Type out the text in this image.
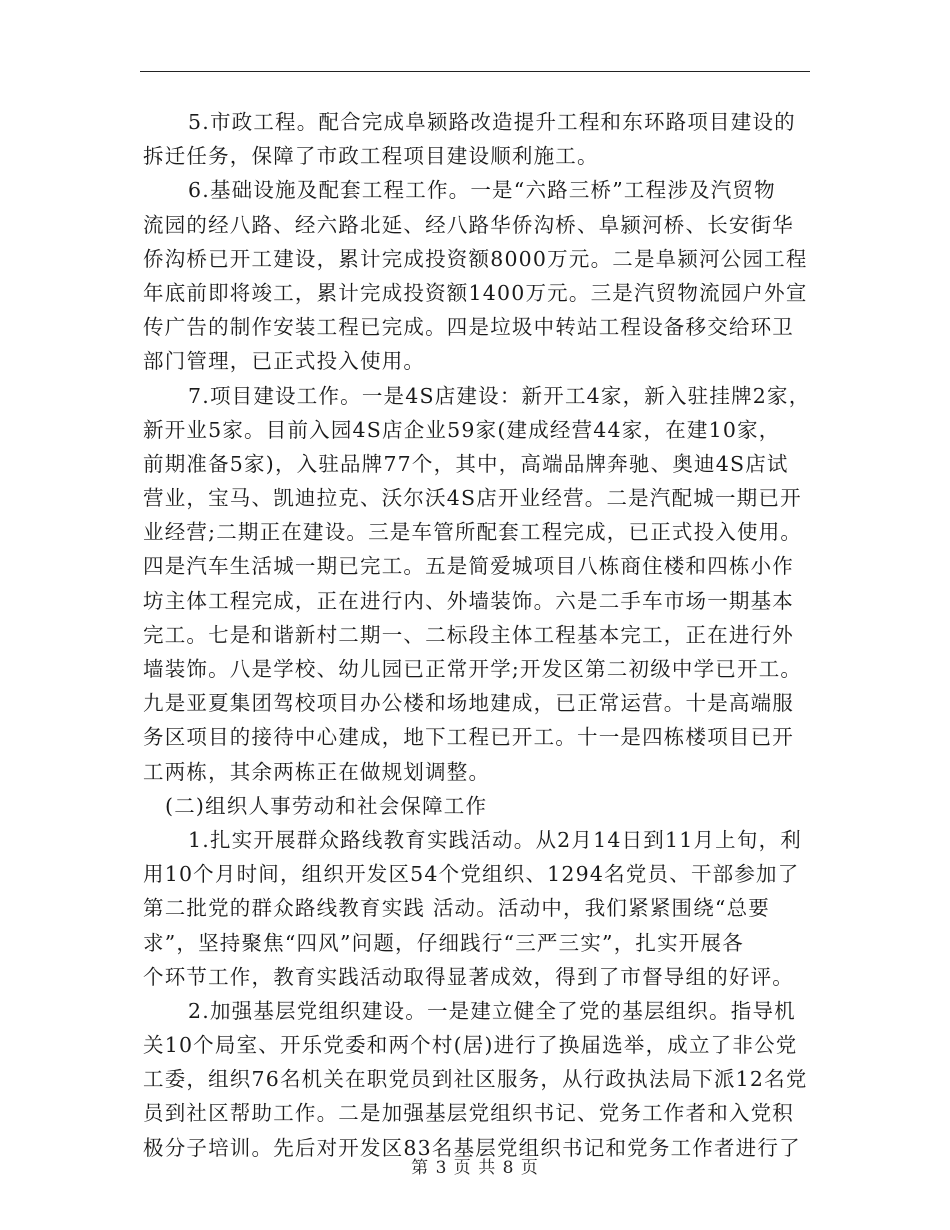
5.市政工程。配合完成阜颍路改造提升工程和东环路项目建设的
拆迁任务，保障了市政工程项目建设顺利施工。
6.基础设施及配套工程工作。一是“六路三桥”工程涉及汽贸物
流园的经八路、经六路北延、经八路华侨沟桥、阜颍河桥、长安街华
侨沟桥已开工建设，累计完成投资额8000万元。二是阜颍河公园工程
年底前即将竣工，累计完成投资额1400万元。三是汽贸物流园户外宣
传广告的制作安装工程已完成。四是垃圾中转站工程设备移交给环卫
部门管理，已正式投入使用。
7.项目建设工作。一是4S店建设：新开工4家，新入驻挂牌2家，
新开业5家。目前入园4S店企业59家(建成经营44家，在建10家，
前期准备5家)，入驻品牌77个，其中，高端品牌奔驰、奥迪4S店试
营业，宝马、凯迪拉克、沃尔沃4S店开业经营。二是汽配城一期已开
业经营;二期正在建设。三是车管所配套工程完成，已正式投入使用。
四是汽车生活城一期已完工。五是简爱城项目八栋商住楼和四栋小作
坊主体工程完成，正在进行内、外墙装饰。六是二手车市场一期基本
完工。七是和谐新村二期一、二标段主体工程基本完工，正在进行外
墙装饰。八是学校、幼儿园已正常开学;开发区第二初级中学已开工。
九是亚夏集团驾校项目办公楼和场地建成，已正常运营。十是高端服
务区项目的接待中心建成，地下工程已开工。十一是四栋楼项目已开
工两栋，其余两栋正在做规划调整。
(二)组织人事劳动和社会保障工作
1.扎实开展群众路线教育实践活动。从2月14日到11月上旬，利
用10个月时间，组织开发区54个党组织、1294名党员、干部参加了
第二批党的群众路线教育实践 活动。活动中，我们紧紧围绕“总要
求”，坚持聚焦“四风”问题，仔细践行“三严三实”，扎实开展各
个环节工作，教育实践活动取得显著成效，得到了市督导组的好评。
2.加强基层党组织建设。一是建立健全了党的基层组织。指导机
关10个局室、开乐党委和两个村(居)进行了换届选举，成立了非公党
工委，组织76名机关在职党员到社区服务，从行政执法局下派12名党
员到社区帮助工作。二是加强基层党组织书记、党务工作者和入党积
极分子培训。先后对开发区83名基层党组织书记和党务工作者进行了
第 3 页 共 8 页
